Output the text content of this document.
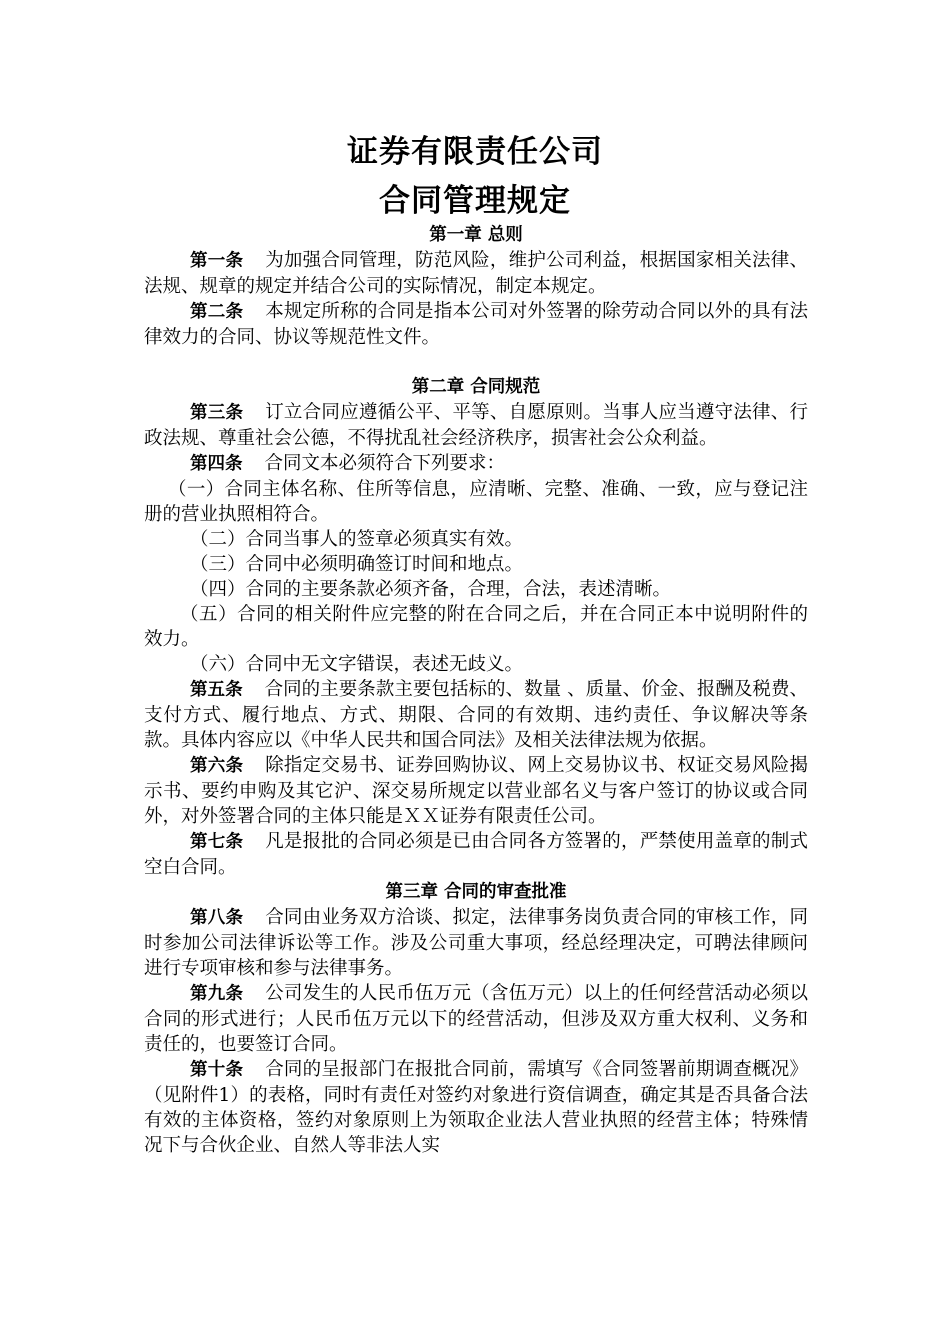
证券有限责任公司
合同管理规定

第一章 总则

第一条 为加强合同管理，防范风险，维护公司利益，根据国家相关法律、法规、规章的规定并结合公司的实际情况，制定本规定。

第二条 本规定所称的合同是指本公司对外签署的除劳动合同以外的具有法律效力的合同、协议等规范性文件。

第二章 合同规范

第三条 订立合同应遵循公平、平等、自愿原则。当事人应当遵守法律、行政法规、尊重社会公德，不得扰乱社会经济秩序，损害社会公众利益。

第四条 合同文本必须符合下列要求：

（一）合同主体名称、住所等信息，应清晰、完整、准确、一致，应与登记注册的营业执照相符合。

（二）合同当事人的签章必须真实有效。

（三）合同中必须明确签订时间和地点。

（四）合同的主要条款必须齐备，合理，合法，表述清晰。

（五）合同的相关附件应完整的附在合同之后，并在合同正本中说明附件的效力。

（六）合同中无文字错误，表述无歧义。

第五条 合同的主要条款主要包括标的、数量 、质量、价金、报酬及税费、支付方式、履行地点、方式、期限、合同的有效期、违约责任、争议解决等条款。具体内容应以《中华人民共和国合同法》及相关法律法规为依据。

第六条 除指定交易书、证券回购协议、网上交易协议书、权证交易风险揭示书、要约申购及其它沪、深交易所规定以营业部名义与客户签订的协议或合同外，对外签署合同的主体只能是ＸＸ证券有限责任公司。

第七条 凡是报批的合同必须是已由合同各方签署的，严禁使用盖章的制式空白合同。

第三章 合同的审查批准

第八条 合同由业务双方洽谈、拟定，法律事务岗负责合同的审核工作，同时参加公司法律诉讼等工作。涉及公司重大事项，经总经理决定，可聘法律顾问进行专项审核和参与法律事务。

第九条 公司发生的人民币伍万元（含伍万元）以上的任何经营活动必须以合同的形式进行；人民币伍万元以下的经营活动，但涉及双方重大权利、义务和责任的，也要签订合同。

第十条 合同的呈报部门在报批合同前，需填写《合同签署前期调查概况》（见附件1）的表格，同时有责任对签约对象进行资信调查，确定其是否具备合法有效的主体资格，签约对象原则上为领取企业法人营业执照的经营主体；特殊情况下与合伙企业、自然人等非法人实
